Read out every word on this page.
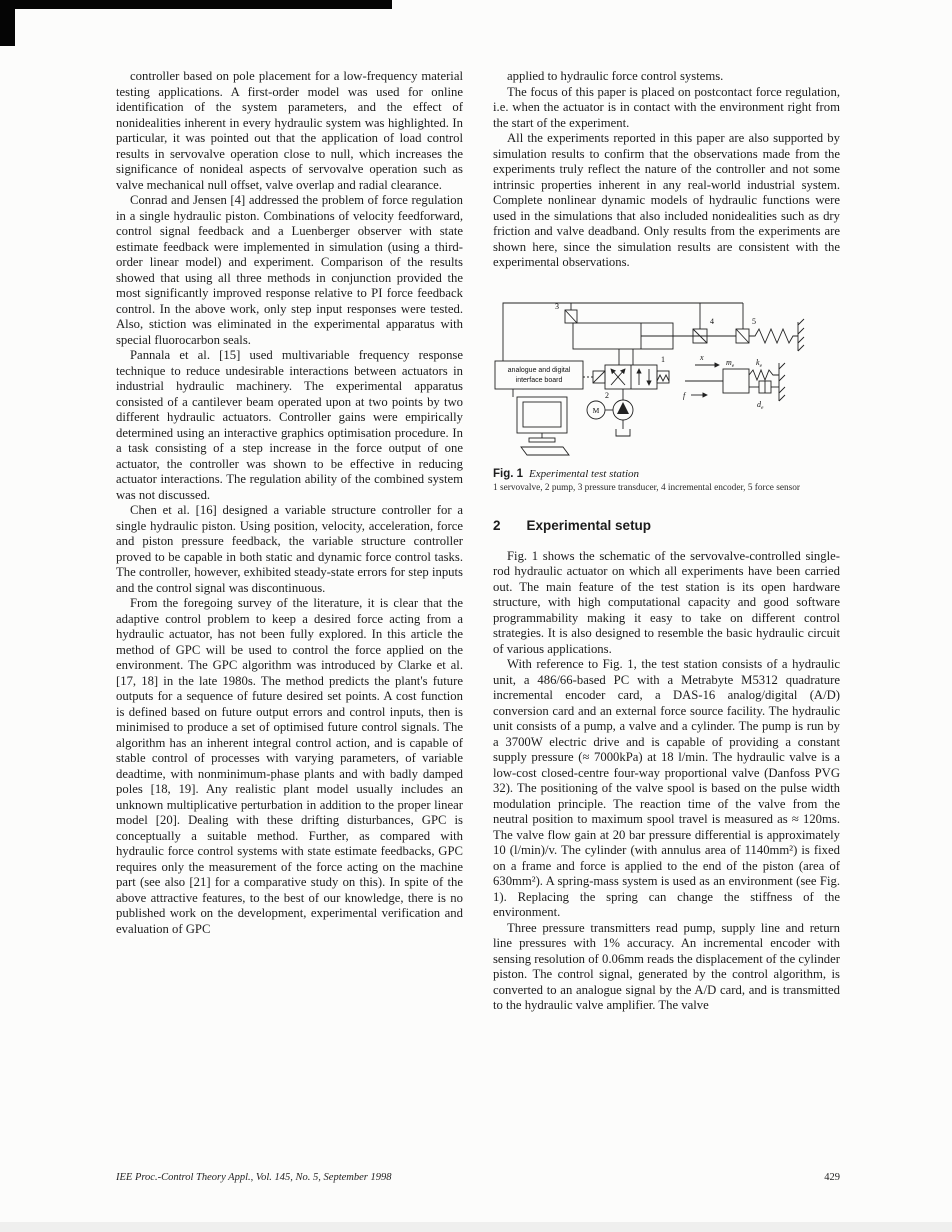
controller based on pole placement for a low-frequency material testing applications. A first-order model was used for online identification of the system parameters, and the effect of nonidealities inherent in every hydraulic system was highlighted. In particular, it was pointed out that the application of load control results in servovalve operation close to null, which increases the significance of nonideal aspects of servovalve operation such as valve mechanical null offset, valve overlap and radial clearance.

Conrad and Jensen [4] addressed the problem of force regulation in a single hydraulic piston. Combinations of velocity feedforward, control signal feedback and a Luenberger observer with state estimate feedback were implemented in simulation (using a third-order linear model) and experiment. Comparison of the results showed that using all three methods in conjunction provided the most significantly improved response relative to PI force feedback control. In the above work, only step input responses were tested. Also, stiction was eliminated in the experimental apparatus with special fluorocarbon seals.

Pannala et al. [15] used multivariable frequency response technique to reduce undesirable interactions between actuators in industrial hydraulic machinery. The experimental apparatus consisted of a cantilever beam operated upon at two points by two different hydraulic actuators. Controller gains were empirically determined using an interactive graphics optimisation procedure. In a task consisting of a step increase in the force output of one actuator, the controller was shown to be effective in reducing actuator interactions. The regulation ability of the combined system was not discussed.

Chen et al. [16] designed a variable structure controller for a single hydraulic piston. Using position, velocity, acceleration, force and piston pressure feedback, the variable structure controller proved to be capable in both static and dynamic force control tasks. The controller, however, exhibited steady-state errors for step inputs and the control signal was discontinuous.

From the foregoing survey of the literature, it is clear that the adaptive control problem to keep a desired force acting from a hydraulic actuator, has not been fully explored. In this article the method of GPC will be used to control the force applied on the environment. The GPC algorithm was introduced by Clarke et al. [17, 18] in the late 1980s. The method predicts the plant's future outputs for a sequence of future desired set points. A cost function is defined based on future output errors and control inputs, then is minimised to produce a set of optimised future control signals. The algorithm has an inherent integral control action, and is capable of stable control of processes with varying parameters, of variable deadtime, with nonminimum-phase plants and with badly damped poles [18, 19]. Any realistic plant model usually includes an unknown multiplicative perturbation in addition to the proper linear model [20]. Dealing with these drifting disturbances, GPC is conceptually a suitable method. Further, as compared with hydraulic force control systems with state estimate feedbacks, GPC requires only the measurement of the force acting on the machine part (see also [21] for a comparative study on this). In spite of the above attractive features, to the best of our knowledge, there is no published work on the development, experimental verification and evaluation of GPC

applied to hydraulic force control systems.

The focus of this paper is placed on postcontact force regulation, i.e. when the actuator is in contact with the environment right from the start of the experiment.

All the experiments reported in this paper are also supported by simulation results to confirm that the observations made from the experiments truly reflect the nature of the controller and not some intrinsic properties inherent in any real-world industrial system. Complete nonlinear dynamic models of hydraulic functions were used in the simulations that also included nonidealities such as dry friction and valve deadband. Only results from the experiments are shown here, since the simulation results are consistent with the experimental observations.

3
4	5
1
2
M
analogue and digital
interface board
x
f
$m_e$	$k_e$
$d_e$
Fig. 1 Experimental test station
1 servovalve, 2 pump, 3 pressure transducer, 4 incremental encoder, 5 force sensor
2 Experimental setup

Fig. 1 shows the schematic of the servovalve-controlled single-rod hydraulic actuator on which all experiments have been carried out. The main feature of the test station is its open hardware structure, with high computational capacity and good software programmability making it easy to take on different control strategies. It is also designed to resemble the basic hydraulic circuit of various applications.

With reference to Fig. 1, the test station consists of a hydraulic unit, a 486/66-based PC with a Metrabyte M5312 quadrature incremental encoder card, a DAS-16 analog/digital (A/D) conversion card and an external force source facility. The hydraulic unit consists of a pump, a valve and a cylinder. The pump is run by a 3700W electric drive and is capable of providing a constant supply pressure (≈ 7000kPa) at 18 l/min. The hydraulic valve is a low-cost closed-centre four-way proportional valve (Danfoss PVG 32). The positioning of the valve spool is based on the pulse width modulation principle. The reaction time of the valve from the neutral position to maximum spool travel is measured as ≈ 120ms. The valve flow gain at 20 bar pressure differential is approximately 10 (l/min)/v. The cylinder (with annulus area of 1140mm²) is fixed on a frame and force is applied to the end of the piston (area of 630mm²). A spring-mass system is used as an environment (see Fig. 1). Replacing the spring can change the stiffness of the environment.

Three pressure transmitters read pump, supply line and return line pressures with 1% accuracy. An incremental encoder with sensing resolution of 0.06mm reads the displacement of the cylinder piston. The control signal, generated by the control algorithm, is converted to an analogue signal by the A/D card, and is transmitted to the hydraulic valve amplifier. The valve

IEE Proc.-Control Theory Appl., Vol. 145, No. 5, September 1998	429
